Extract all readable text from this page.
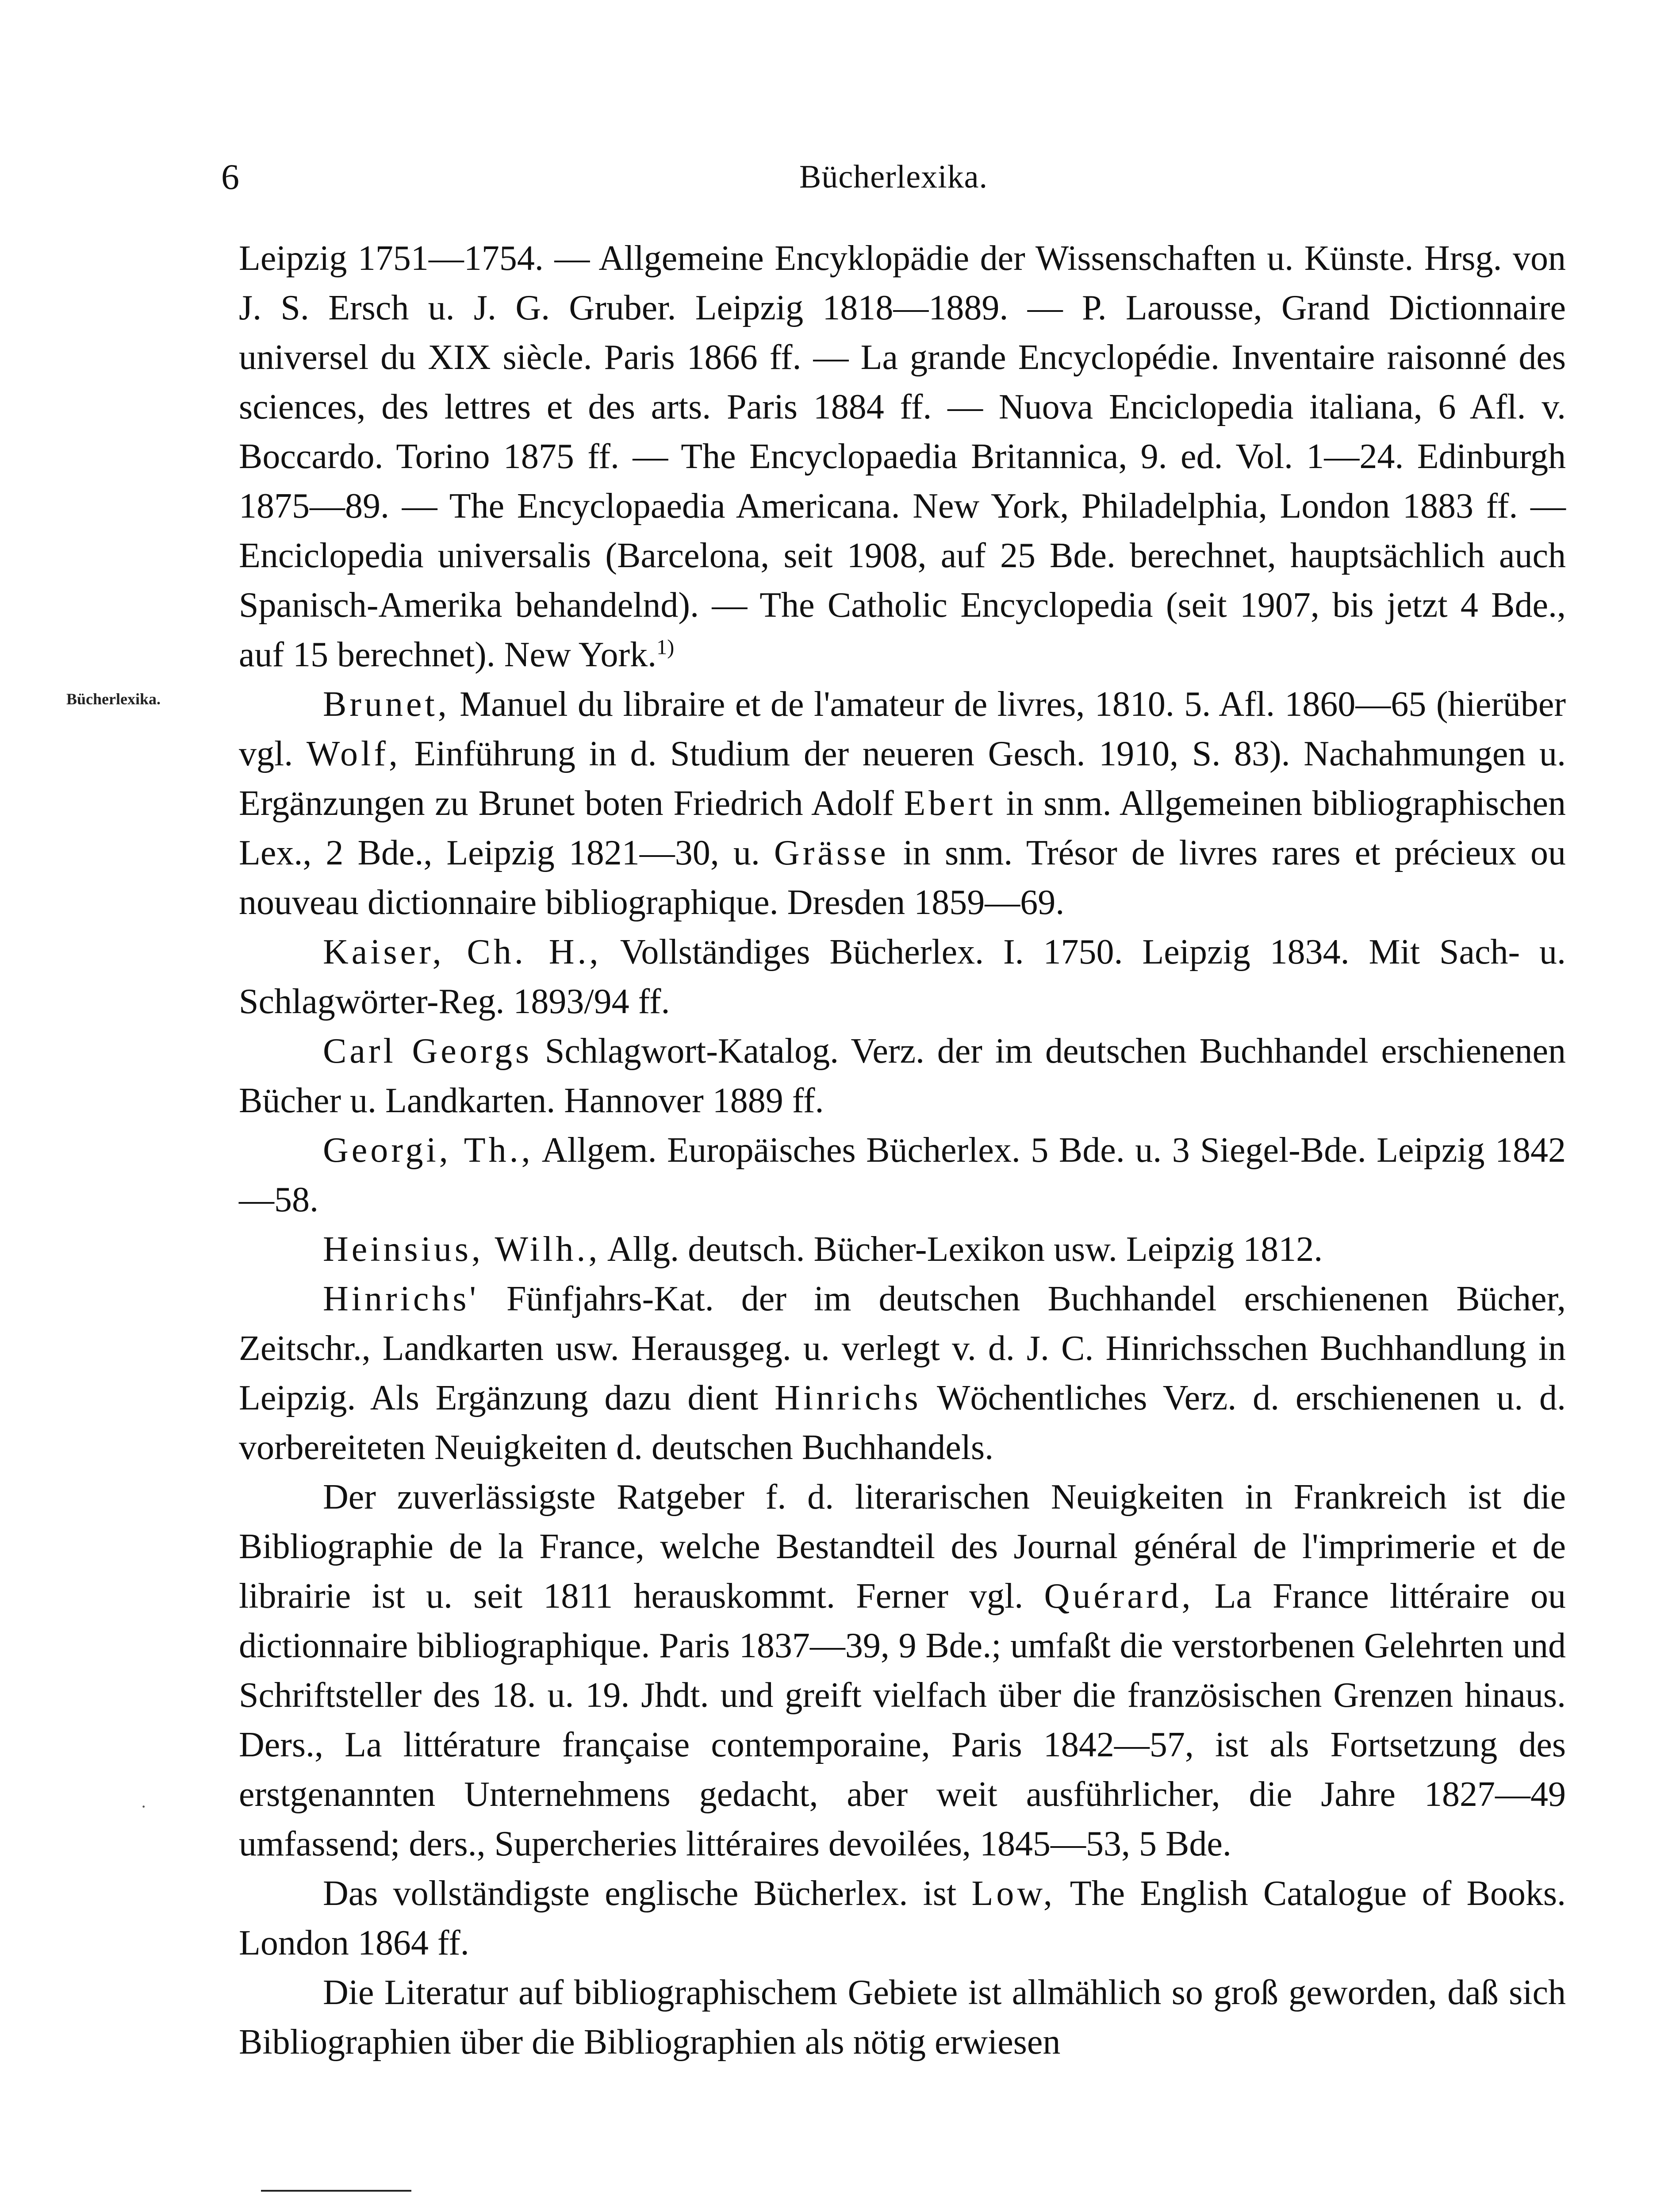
6	Bücherlexika.
Bücherlexika.
·

Leipzig 1751—1754. — Allgemeine Encyklopädie der Wissenschaften u. Künste. Hrsg. von J. S. Ersch u. J. G. Gruber. Leipzig 1818—1889. — P. Larousse, Grand Dictionnaire universel du XIX siècle. Paris 1866 ff. — La grande Encyclopédie. Inventaire raisonné des sciences, des lettres et des arts. Paris 1884 ff. — Nuova Enciclopedia italiana, 6 Afl. v. Boccardo. Torino 1875 ff. — The Encyclopaedia Britannica, 9. ed. Vol. 1—24. Edinburgh 1875—89. — The Encyclopaedia Americana. New York, Philadelphia, London 1883 ff. — Enciclopedia universalis (Barcelona, seit 1908, auf 25 Bde. berechnet, hauptsächlich auch Spanisch-Amerika behandelnd). — The Catholic Encyclopedia (seit 1907, bis jetzt 4 Bde., auf 15 berechnet). New York.$^{1)}$

Brunet, Manuel du libraire et de l'amateur de livres, 1810. 5. Afl. 1860—65 (hierüber vgl. Wolf, Einführung in d. Studium der neueren Gesch. 1910, S. 83). Nachahmungen u. Ergänzungen zu Brunet boten Friedrich Adolf Ebert in snm. Allgemeinen bibliographischen Lex., 2 Bde., Leipzig 1821—30, u. Grässe in snm. Trésor de livres rares et précieux ou nouveau dictionnaire bibliographique. Dresden 1859—69.

Kaiser, Ch. H., Vollständiges Bücherlex. I. 1750. Leipzig 1834. Mit Sach- u. Schlagwörter-Reg. 1893/94 ff.

Carl Georgs Schlagwort-Katalog. Verz. der im deutschen Buchhandel erschienenen Bücher u. Landkarten. Hannover 1889 ff.

Georgi, Th., Allgem. Europäisches Bücherlex. 5 Bde. u. 3 Siegel-Bde. Leipzig 1842—58.

Heinsius, Wilh., Allg. deutsch. Bücher-Lexikon usw. Leipzig 1812.

Hinrichs' Fünfjahrs-Kat. der im deutschen Buchhandel erschienenen Bücher, Zeitschr., Landkarten usw. Herausgeg. u. verlegt v. d. J. C. Hinrichsschen Buchhandlung in Leipzig. Als Ergänzung dazu dient Hinrichs Wöchentliches Verz. d. erschienenen u. d. vorbereiteten Neuigkeiten d. deutschen Buchhandels.

Der zuverlässigste Ratgeber f. d. literarischen Neuigkeiten in Frankreich ist die Bibliographie de la France, welche Bestandteil des Journal général de l'imprimerie et de librairie ist u. seit 1811 herauskommt. Ferner vgl. Quérard, La France littéraire ou dictionnaire bibliographique. Paris 1837—39, 9 Bde.; umfaßt die verstorbenen Gelehrten und Schriftsteller des 18. u. 19. Jhdt. und greift vielfach über die französischen Grenzen hinaus. Ders., La littérature française contemporaine, Paris 1842—57, ist als Fortsetzung des erstgenannten Unternehmens gedacht, aber weit ausführlicher, die Jahre 1827—49 umfassend; ders., Supercheries littéraires devoilées, 1845—53, 5 Bde.

Das vollständigste englische Bücherlex. ist Low, The English Catalogue of Books. London 1864 ff.

Die Literatur auf bibliographischem Gebiete ist allmählich so groß geworden, daß sich Bibliographien über die Bibliographien als nötig erwiesen
